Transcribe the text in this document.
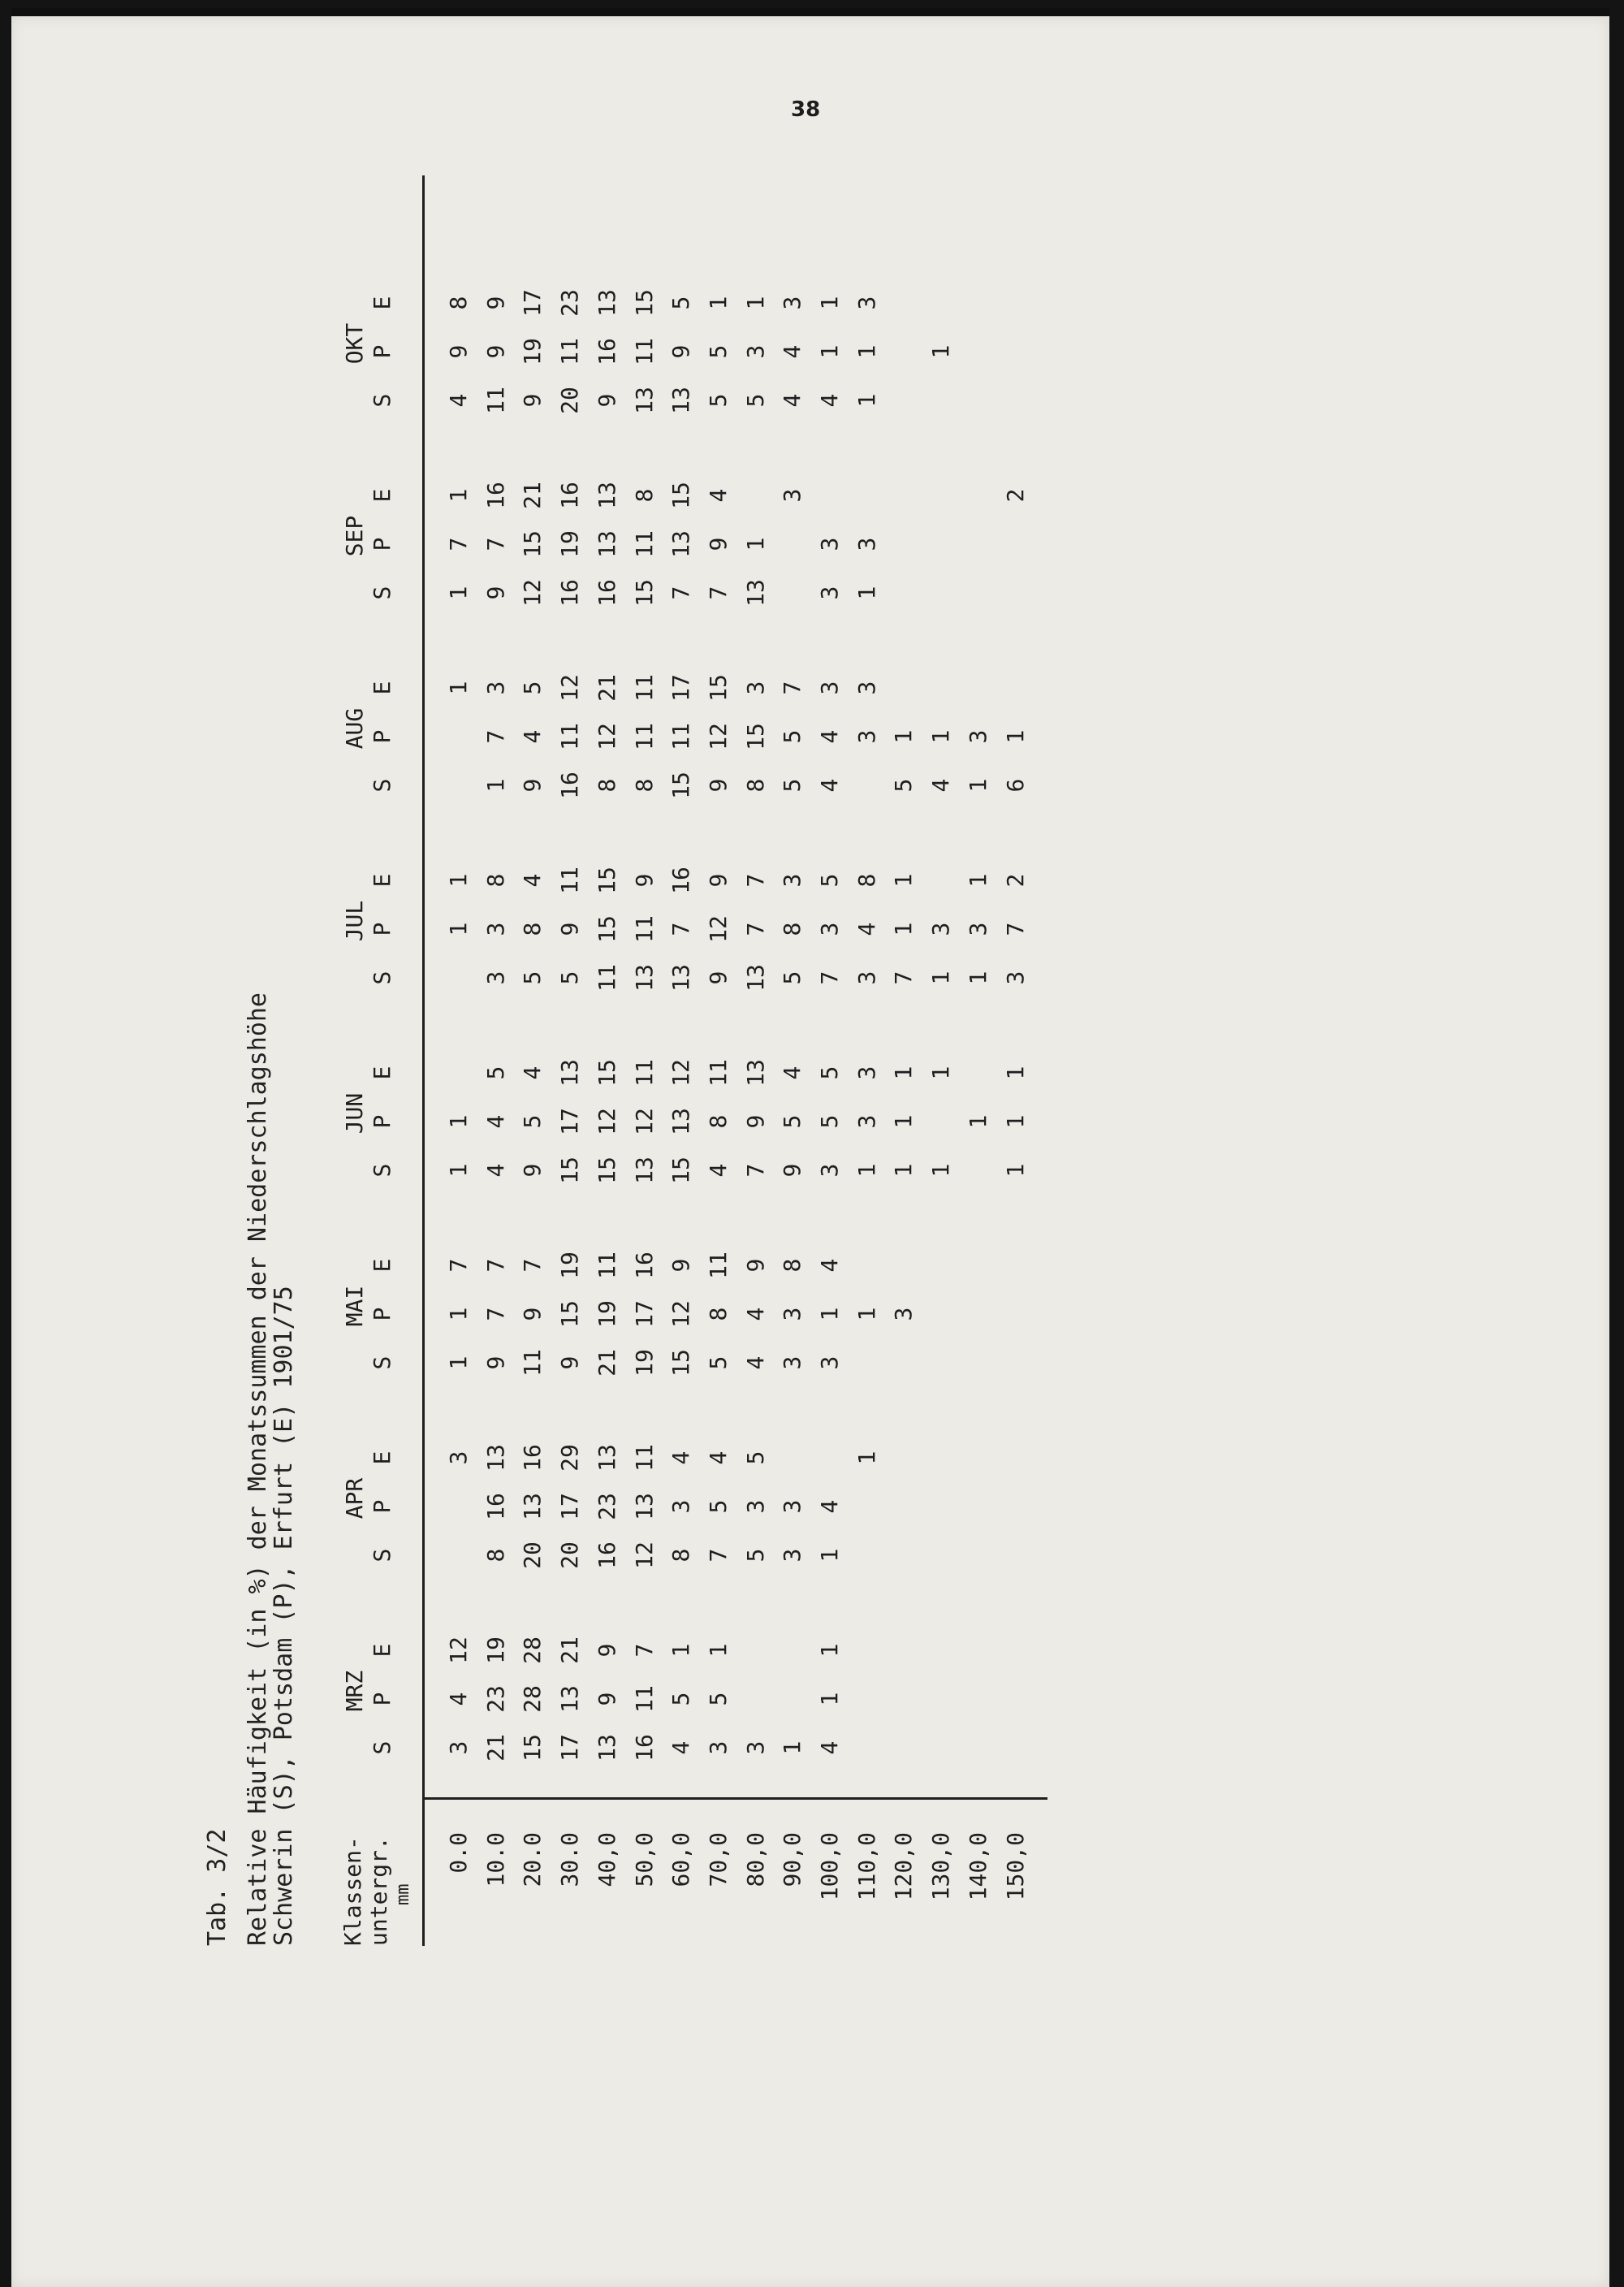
38
Tab. 3/2 Relative Häufigkeit (in %) der Monatssummen der Niederschlagshöhe
Schwerin (S), Potsdam (P), Erfurt (E) 1901/75 Klassen- untergr. mm
MRZ
S
P
E
APR
S
P
E
MAI
S
P
E
JUN
S
P
E
JUL
S
P
E
AUG
S
P
E
SEP
S
P
E
OKT
S
P
E
0.0
3
4
12
3
1
1
7
1
1
1
1
1
1
7
1
4
9
8
10.0
21
23
19
8
16
13
9
7
7
4
4
5
3
3
8
1
7
3
9
7
16
11
9
9
20.0
15
28
28
20
13
16
11
9
7
9
5
4
5
8
4
9
4
5
12
15
21
9
19
17
30.0
17
13
21
20
17
29
9
15
19
15
17
13
5
9
11
16
11
12
16
19
16
20
11
23
40,0
13
9
9
16
23
13
21
19
11
15
12
15
11
15
15
8
12
21
16
13
13
9
16
13
50,0
16
11
7
12
13
11
19
17
16
13
12
11
13
11
9
8
11
11
15
11
8
13
11
15
60,0
4
5
1
8
3
4
15
12
9
15
13
12
13
7
16
15
11
17
7
13
15
13
9
5
70,0
3
5
1
7
5
4
5
8
11
4
8
11
9
12
9
9
12
15
7
9
4
5
5
1
80,0
3
5
3
5
4
4
9
7
9
13
13
7
7
8
15
3
13
1
5
3
1
90,0
1
3
3
3
3
8
9
5
4
5
8
3
5
5
7
3
4
4
3
100,0
4
1
1
1
4
3
1
4
3
5
5
7
3
5
4
4
3
3
3
4
1
1
110,0
1
1
1
3
3
3
4
8
3
3
1
3
1
1
3
120,0
3
1
1
1
7
1
1
5
1
130,0
1
1
1
3
4
1
1
140,0
1
1
3
1
1
3
150,0
1
1
1
3
7
2
6
1
2
